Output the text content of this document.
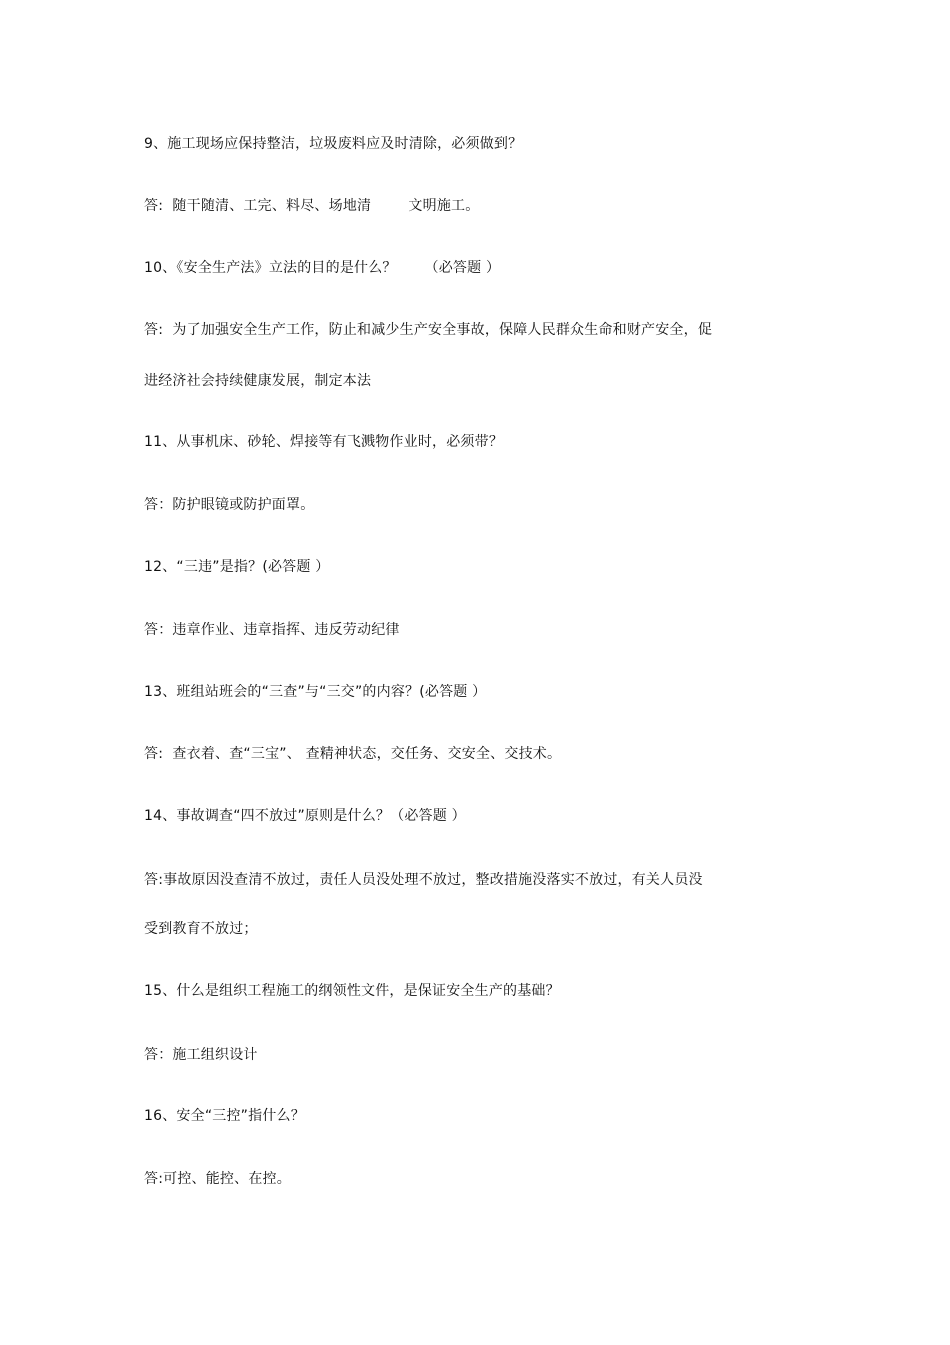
9、施工现场应保持整洁，垃圾废料应及时清除，必须做到？
答:  随干随清、工完、料尽、场地清        文明施工。
10、《安全生产法》立法的目的是什么？      （必答题 ）
答:  为了加强安全生产工作，防止和减少生产安全事故，保障人民群众生命和财产安全，促
进经济社会持续健康发展，制定本法
11、从事机床、砂轮、焊接等有飞溅物作业时，必须带？
答：防护眼镜或防护面罩。
12、“三违”是指？(必答题 ）
答：违章作业、违章指挥、违反劳动纪律
13、班组站班会的“三查”与“三交”的内容？(必答题 ）
答:  查衣着、查“三宝”、 查精神状态，交任务、交安全、交技术。
14、事故调查“四不放过”原则是什么？（必答题 ）
答:事故原因没查清不放过，责任人员没处理不放过，整改措施没落实不放过，有关人员没
受到教育不放过；
15、什么是组织工程施工的纲领性文件，是保证安全生产的基础？
答：施工组织设计
16、安全“三控”指什么？
答:可控、能控、在控。
